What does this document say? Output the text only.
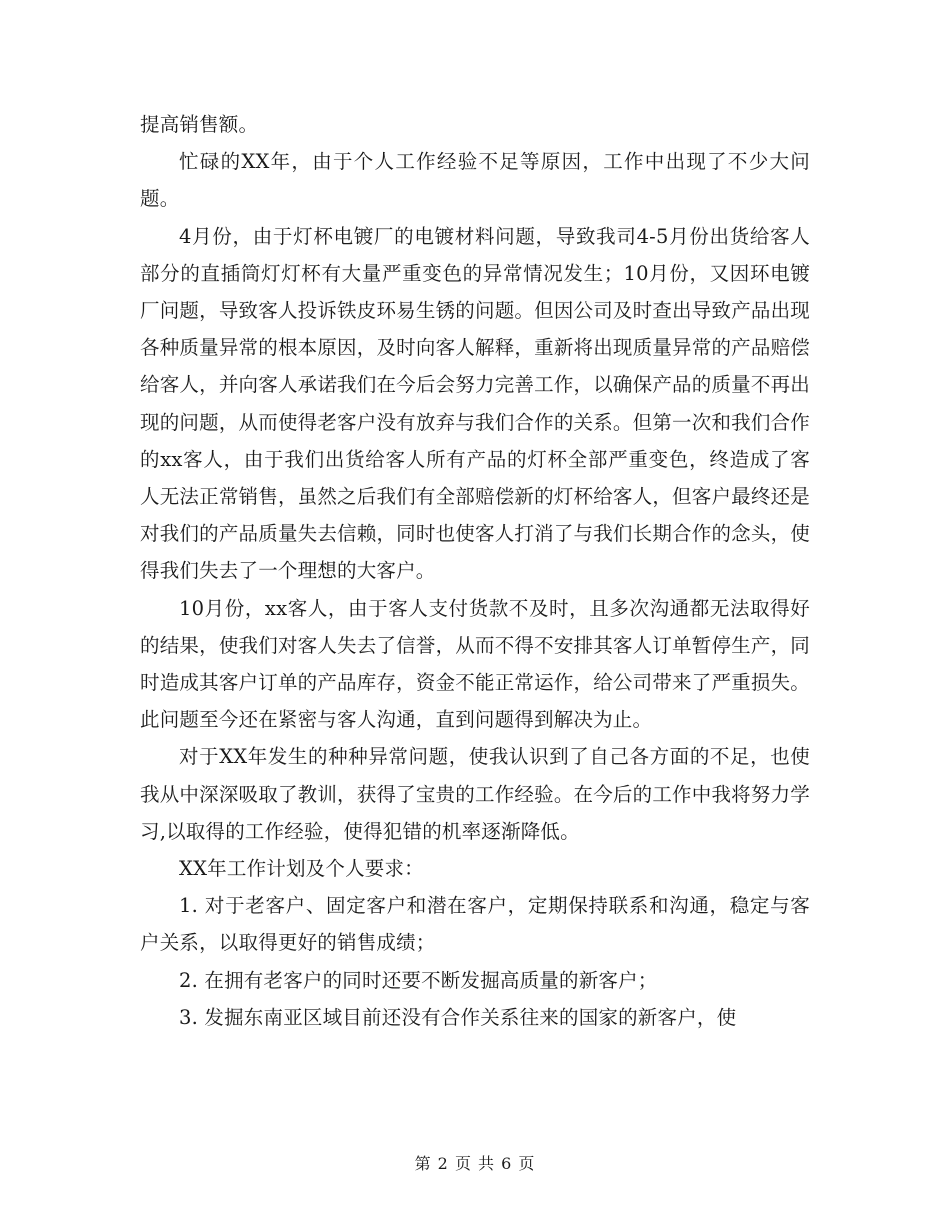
提高销售额。

忙碌的XX年，由于个人工作经验不足等原因，工作中出现了不少大问题。

4月份，由于灯杯电镀厂的电镀材料问题，导致我司4-5月份出货给客人部分的直插筒灯灯杯有大量严重变色的异常情况发生；10月份，又因环电镀厂问题，导致客人投诉铁皮环易生锈的问题。但因公司及时查出导致产品出现各种质量异常的根本原因，及时向客人解释，重新将出现质量异常的产品赔偿给客人，并向客人承诺我们在今后会努力完善工作，以确保产品的质量不再出现的问题，从而使得老客户没有放弃与我们合作的关系。但第一次和我们合作的xx客人，由于我们出货给客人所有产品的灯杯全部严重变色，终造成了客人无法正常销售，虽然之后我们有全部赔偿新的灯杯给客人，但客户最终还是对我们的产品质量失去信赖，同时也使客人打消了与我们长期合作的念头，使得我们失去了一个理想的大客户。

10月份，xx客人，由于客人支付货款不及时，且多次沟通都无法取得好的结果，使我们对客人失去了信誉，从而不得不安排其客人订单暂停生产，同时造成其客户订单的产品库存，资金不能正常运作，给公司带来了严重损失。此问题至今还在紧密与客人沟通，直到问题得到解决为止。

对于XX年发生的种种异常问题，使我认识到了自己各方面的不足，也使我从中深深吸取了教训，获得了宝贵的工作经验。在今后的工作中我将努力学习,以取得的工作经验，使得犯错的机率逐渐降低。

XX年工作计划及个人要求：

1. 对于老客户、固定客户和潜在客户，定期保持联系和沟通，稳定与客户关系，以取得更好的销售成绩；

2. 在拥有老客户的同时还要不断发掘高质量的新客户；

3. 发掘东南亚区域目前还没有合作关系往来的国家的新客户，使

第 2 页 共 6 页
